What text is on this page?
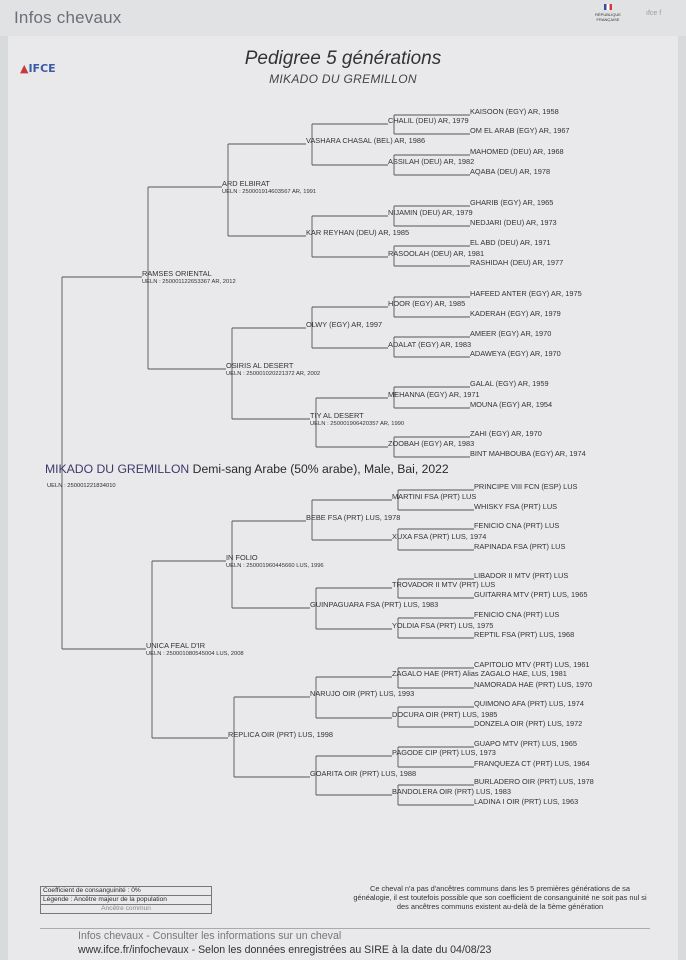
Infos chevaux	RÉPUBLIQUE FRANÇAISE
ıfce f
▲IFCE	Pedigree 5 générations
MIKADO DU GREMILLON
RAMSES ORIENTAL
UELN : 250001122653367 AR, 2012
UNICA FEAL D'IR
UELN : 250001080545004 LUS, 2008
ARD ELBIRAT
UELN : 250001914603567 AR, 1991
OSIRIS AL DESERT
UELN : 250001020221372 AR, 2002
IN FOLIO
UELN : 250001960445660 LUS, 1996
REPLICA OIR (PRT) LUS, 1998
VASHARA CHASAL (BEL) AR, 1986
KAR REYHAN (DEU) AR, 1985
OLWY (EGY) AR, 1997
TIY AL DESERT
UELN : 250001906420357 AR, 1990
BEBE FSA (PRT) LUS, 1978
GUINPAGUARA FSA (PRT) LUS, 1983
NARUJO OIR (PRT) LUS, 1993
GOARITA OIR (PRT) LUS, 1988
CHALIL (DEU) AR, 1979
ASSILAH (DEU) AR, 1982
NIJAMIN (DEU) AR, 1979
RASOOLAH (DEU) AR, 1981
HOOR (EGY) AR, 1985
ADALAT (EGY) AR, 1983
MEHANNA (EGY) AR, 1971
ZOOBAH (EGY) AR, 1983
MARTINI FSA (PRT) LUS
XUXA FSA (PRT) LUS, 1974
TROVADOR II MTV (PRT) LUS
YOLDIA FSA (PRT) LUS, 1975
ZAGALO HAE (PRT) Alias ZAGALO HAE, LUS, 1981
DOCURA OIR (PRT) LUS, 1985
PAGODE CIP (PRT) LUS, 1973
BANDOLERA OIR (PRT) LUS, 1983
KAISOON (EGY) AR, 1958
OM EL ARAB (EGY) AR, 1967
MAHOMED (DEU) AR, 1968
AQABA (DEU) AR, 1978
GHARIB (EGY) AR, 1965
NEDJARI (DEU) AR, 1973
EL ABD (DEU) AR, 1971
RASHIDAH (DEU) AR, 1977
HAFEED ANTER (EGY) AR, 1975
KADERAH (EGY) AR, 1979
AMEER (EGY) AR, 1970
ADAWEYA (EGY) AR, 1970
GALAL (EGY) AR, 1959
MOUNA (EGY) AR, 1954
ZAHI (EGY) AR, 1970
BINT MAHBOUBA (EGY) AR, 1974
PRINCIPE VIII FCN (ESP) LUS
WHISKY FSA (PRT) LUS
FENICIO CNA (PRT) LUS
RAPINADA FSA (PRT) LUS
LIBADOR II MTV (PRT) LUS
GUITARRA MTV (PRT) LUS, 1965
FENICIO CNA (PRT) LUS
REPTIL FSA (PRT) LUS, 1968
CAPITOLIO MTV (PRT) LUS, 1961
NAMORADA HAE (PRT) LUS, 1970
QUIMONO AFA (PRT) LUS, 1974
DONZELA OIR (PRT) LUS, 1972
GUAPO MTV (PRT) LUS, 1965
FRANQUEZA CT (PRT) LUS, 1964
BURLADERO OIR (PRT) LUS, 1978
LADINA I OIR (PRT) LUS, 1963
MIKADO DU GREMILLON Demi-sang Arabe (50% arabe), Male, Bai, 2022
UELN : 250001221834010
Coefficient de consanguinité : 0%
Légende : Ancêtre majeur de la population
Ancêtre commun
Ce cheval n'a pas d'ancêtres communs dans les 5 premières générations de sa généalogie, il est toutefois possible que son coefficient de consanguinité ne soit pas nul si des ancêtres communs existent au-delà de la 5ème génération
Infos chevaux - Consulter les informations sur un cheval
www.ifce.fr/infochevaux - Selon les données enregistrées au SIRE à la date du 04/08/23
